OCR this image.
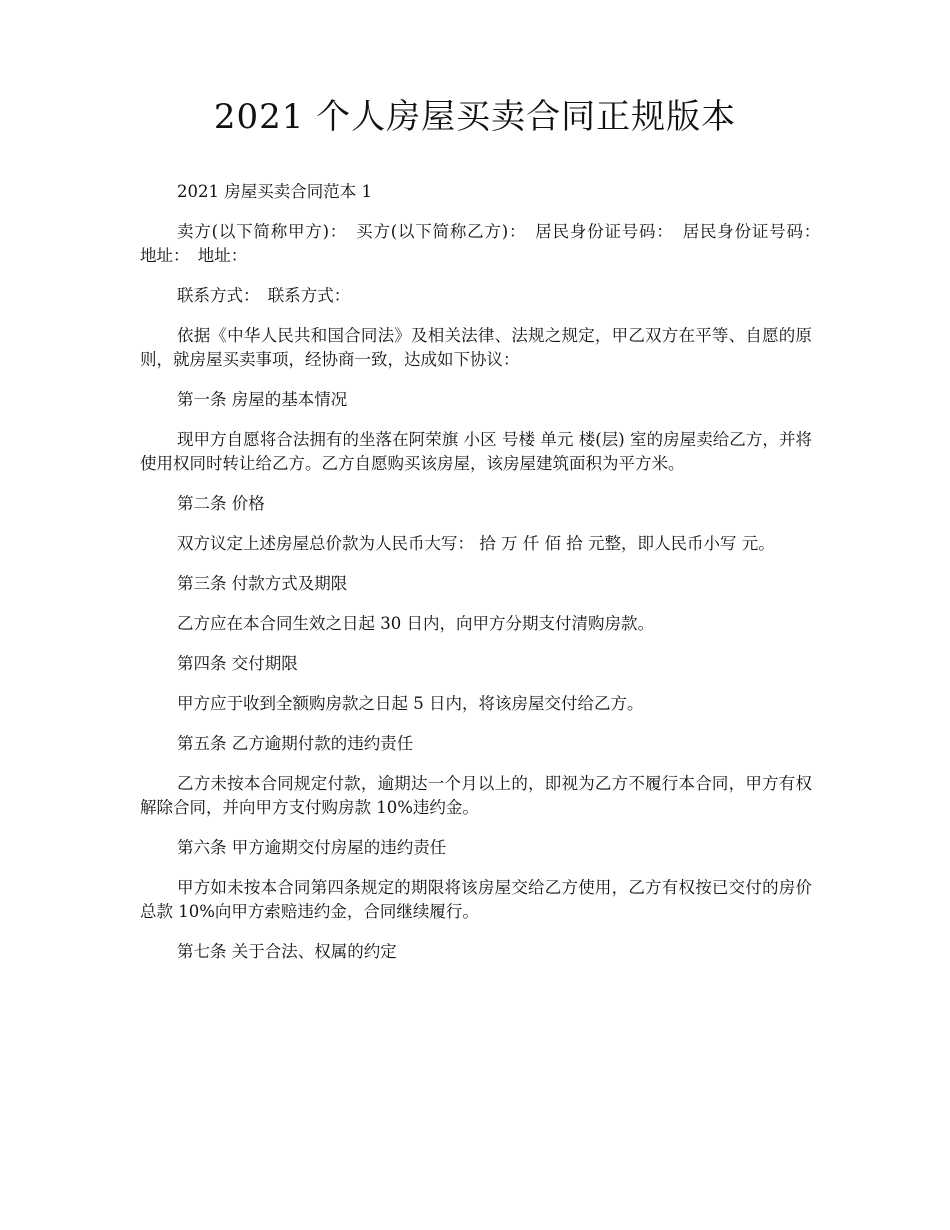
2021 个人房屋买卖合同正规版本

2021 房屋买卖合同范本 1

卖方(以下简称甲方)：　买方(以下简称乙方)：　居民身份证号码：　居民身份证号码：　地址：　地址：

联系方式：　联系方式：

依据《中华人民共和国合同法》及相关法律、法规之规定，甲乙双方在平等、自愿的原则，就房屋买卖事项，经协商一致，达成如下协议：

第一条 房屋的基本情况

现甲方自愿将合法拥有的坐落在阿荣旗 小区 号楼 单元 楼(层) 室的房屋卖给乙方，并将使用权同时转让给乙方。乙方自愿购买该房屋，该房屋建筑面积为平方米。

第二条 价格

双方议定上述房屋总价款为人民币大写： 拾 万 仟 佰 拾 元整，即人民币小写 元。

第三条 付款方式及期限

乙方应在本合同生效之日起 30 日内，向甲方分期支付清购房款。

第四条 交付期限

甲方应于收到全额购房款之日起 5 日内，将该房屋交付给乙方。

第五条 乙方逾期付款的违约责任

乙方未按本合同规定付款，逾期达一个月以上的，即视为乙方不履行本合同，甲方有权解除合同，并向甲方支付购房款 10%违约金。

第六条 甲方逾期交付房屋的违约责任

甲方如未按本合同第四条规定的期限将该房屋交给乙方使用，乙方有权按已交付的房价总款 10%向甲方索赔违约金，合同继续履行。

第七条 关于合法、权属的约定
